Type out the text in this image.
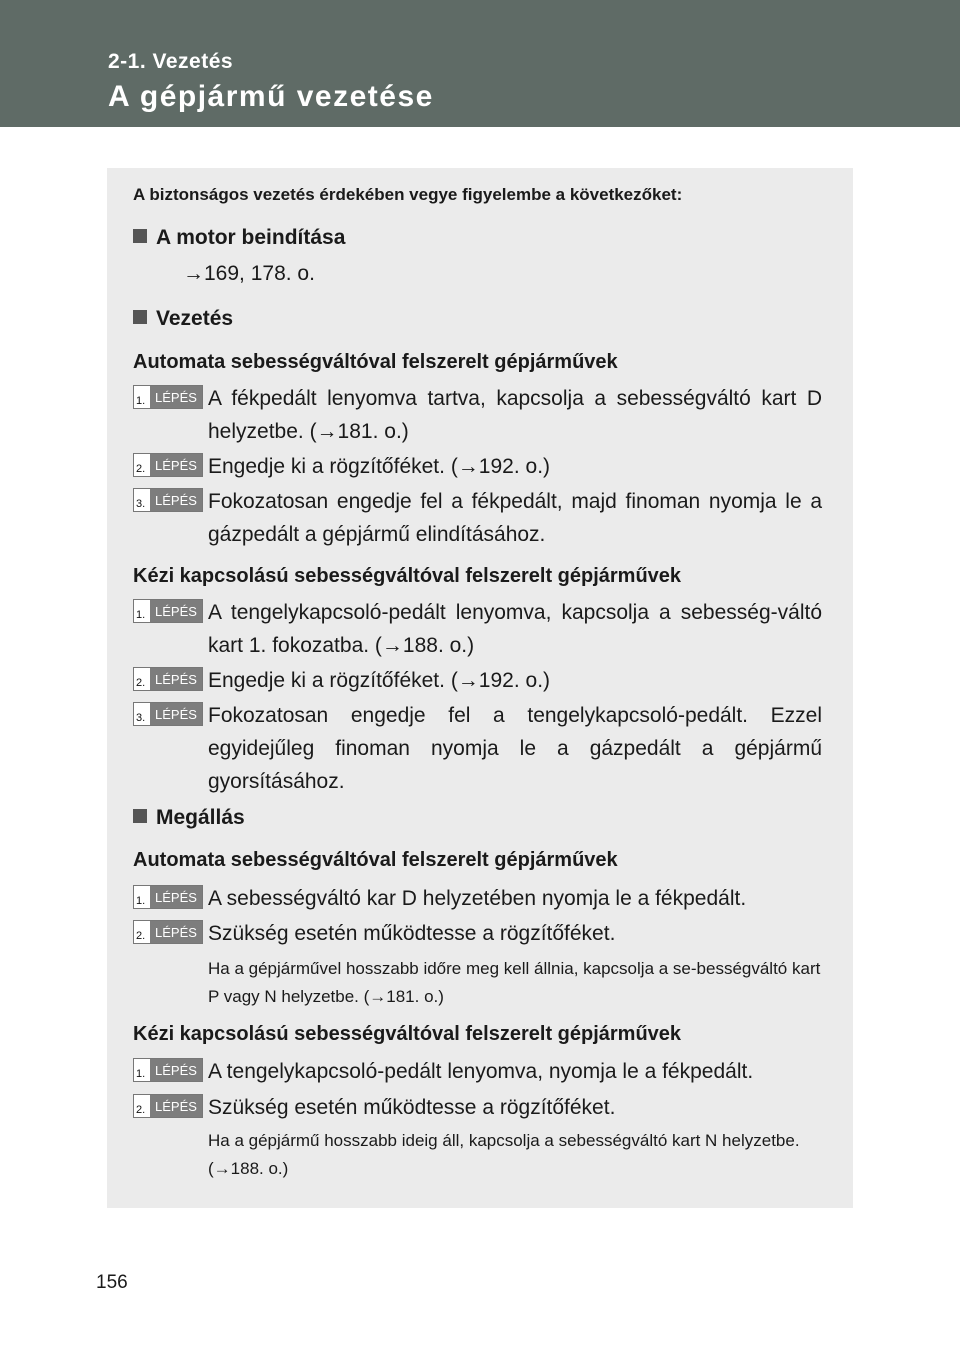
2-1. Vezetés
A gépjármű vezetése
A biztonságos vezetés érdekében vegye figyelembe a következőket:
A motor beindítása
→169, 178. o.
Vezetés
Automata sebességváltóval felszerelt gépjárművek
1. LÉPÉS A fékpedált lenyomva tartva, kapcsolja a sebességváltó kart D helyzetbe. (→181. o.)

2. LÉPÉS Engedje ki a rögzítőféket. (→192. o.)

3. LÉPÉS Fokozatosan engedje fel a fékpedált, majd finoman nyomja le a gázpedált a gépjármű elindításához.

Kézi kapcsolású sebességváltóval felszerelt gépjárművek
1. LÉPÉS A tengelykapcsoló-pedált lenyomva, kapcsolja a sebesség-váltó kart 1. fokozatba. (→188. o.)

2. LÉPÉS Engedje ki a rögzítőféket. (→192. o.)

3. LÉPÉS Fokozatosan engedje fel a tengelykapcsoló-pedált. Ezzel egyidejűleg finoman nyomja le a gázpedált a gépjármű gyorsításához.

Megállás
Automata sebességváltóval felszerelt gépjárművek
1. LÉPÉS A sebességváltó kar D helyzetében nyomja le a fékpedált.

2. LÉPÉS Szükség esetén működtesse a rögzítőféket.

Ha a gépjárművel hosszabb időre meg kell állnia, kapcsolja a se-bességváltó kart P vagy N helyzetbe. (→181. o.)

Kézi kapcsolású sebességváltóval felszerelt gépjárművek
1. LÉPÉS A tengelykapcsoló-pedált lenyomva, nyomja le a fékpedált.

2. LÉPÉS Szükség esetén működtesse a rögzítőféket.

Ha a gépjármű hosszabb ideig áll, kapcsolja a sebességváltó kart N helyzetbe. (→188. o.)

156
